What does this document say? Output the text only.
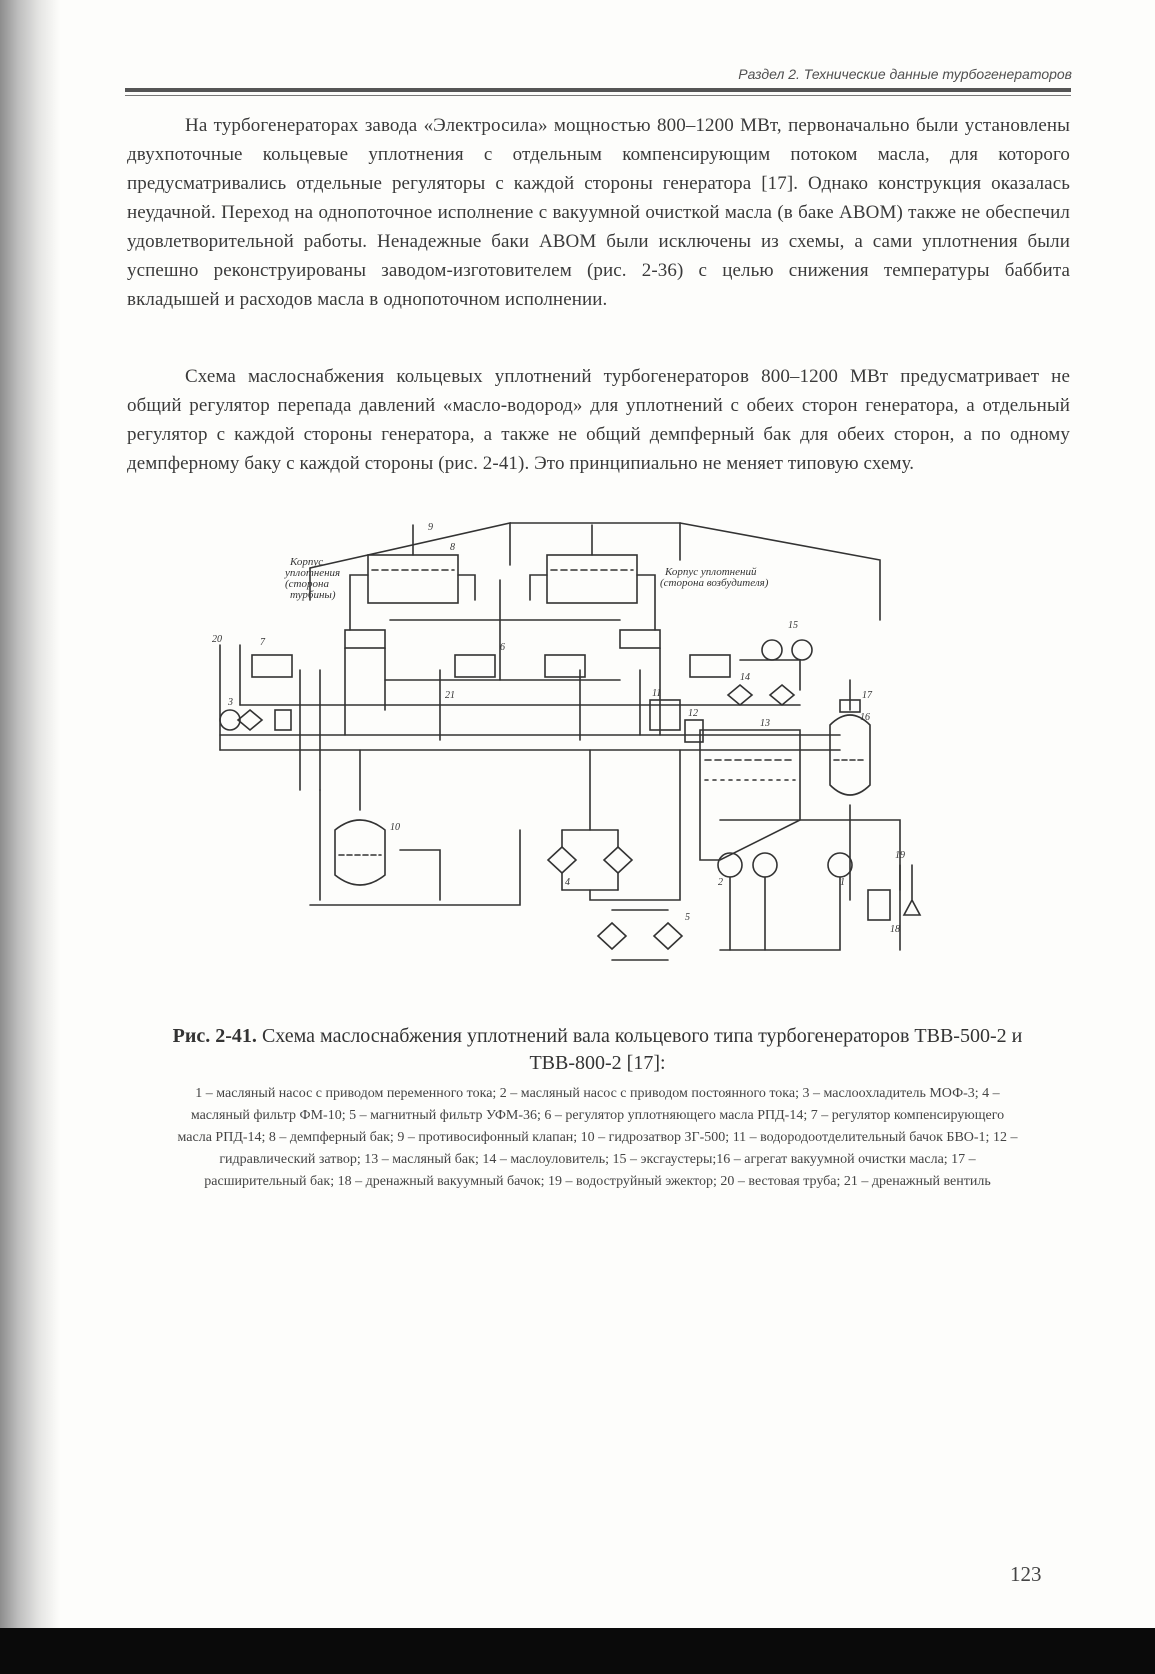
Раздел 2. Технические данные турбогенераторов

На турбогенераторах завода «Электросила» мощностью 800–1200 МВт, первоначально были установлены двухпоточные кольцевые уплотнения с отдельным компенсирующим потоком масла, для которого предусматривались отдельные регуляторы с каждой стороны генератора [17]. Однако конструкция оказалась неудачной. Переход на однопоточное исполнение с вакуумной очисткой масла (в баке АВОМ) также не обеспечил удовлетворительной работы. Ненадежные баки АВОМ были исключены из схемы, а сами уплотнения были успешно реконструированы заводом-изготовителем (рис. 2-36) с целью снижения температуры баббита вкладышей и расходов масла в однопоточном исполнении.

Схема маслоснабжения кольцевых уплотнений турбогенераторов 800–1200 МВт предусматривает не общий регулятор перепада давлений «масло-водород» для уплотнений с обеих сторон генератора, а отдельный регулятор с каждой стороны генератора, а также не общий демпферный бак для обеих сторон, а по одному демпферному баку с каждой стороны (рис. 2-41). Это принципиально не меняет типовую схему.

Корпус
уплотнения
(сторона
турбины)
Корпус уплотнений
(сторона возбудителя)
1
2
3
4
5
6
7
8
9
10
11
12
13
14
15
16
17
18
19
20
21
Рис. 2-41. Схема маслоснабжения уплотнений вала кольцевого типа турбогенераторов ТВВ-500-2 и ТВВ-800-2 [17]:
1 – масляный насос с приводом переменного тока; 2 – масляный насос с приводом постоянного тока; 3 – маслоохладитель МОФ-3; 4 – масляный фильтр ФМ-10; 5 – магнитный фильтр УФМ-36; 6 – регулятор уплотняющего масла РПД-14; 7 – регулятор компенсирующего масла РПД-14; 8 – демпферный бак; 9 – противосифонный клапан; 10 – гидрозатвор ЗГ-500; 11 – водородоотделительный бачок БВО-1; 12 – гидравлический затвор; 13 – масляный бак; 14 – маслоуловитель; 15 – эксгаустеры;16 – агрегат вакуумной очистки масла; 17 – расширительный бак; 18 – дренажный вакуумный бачок; 19 – водоструйный эжектор; 20 – вестовая труба; 21 – дренажный вентиль
123
